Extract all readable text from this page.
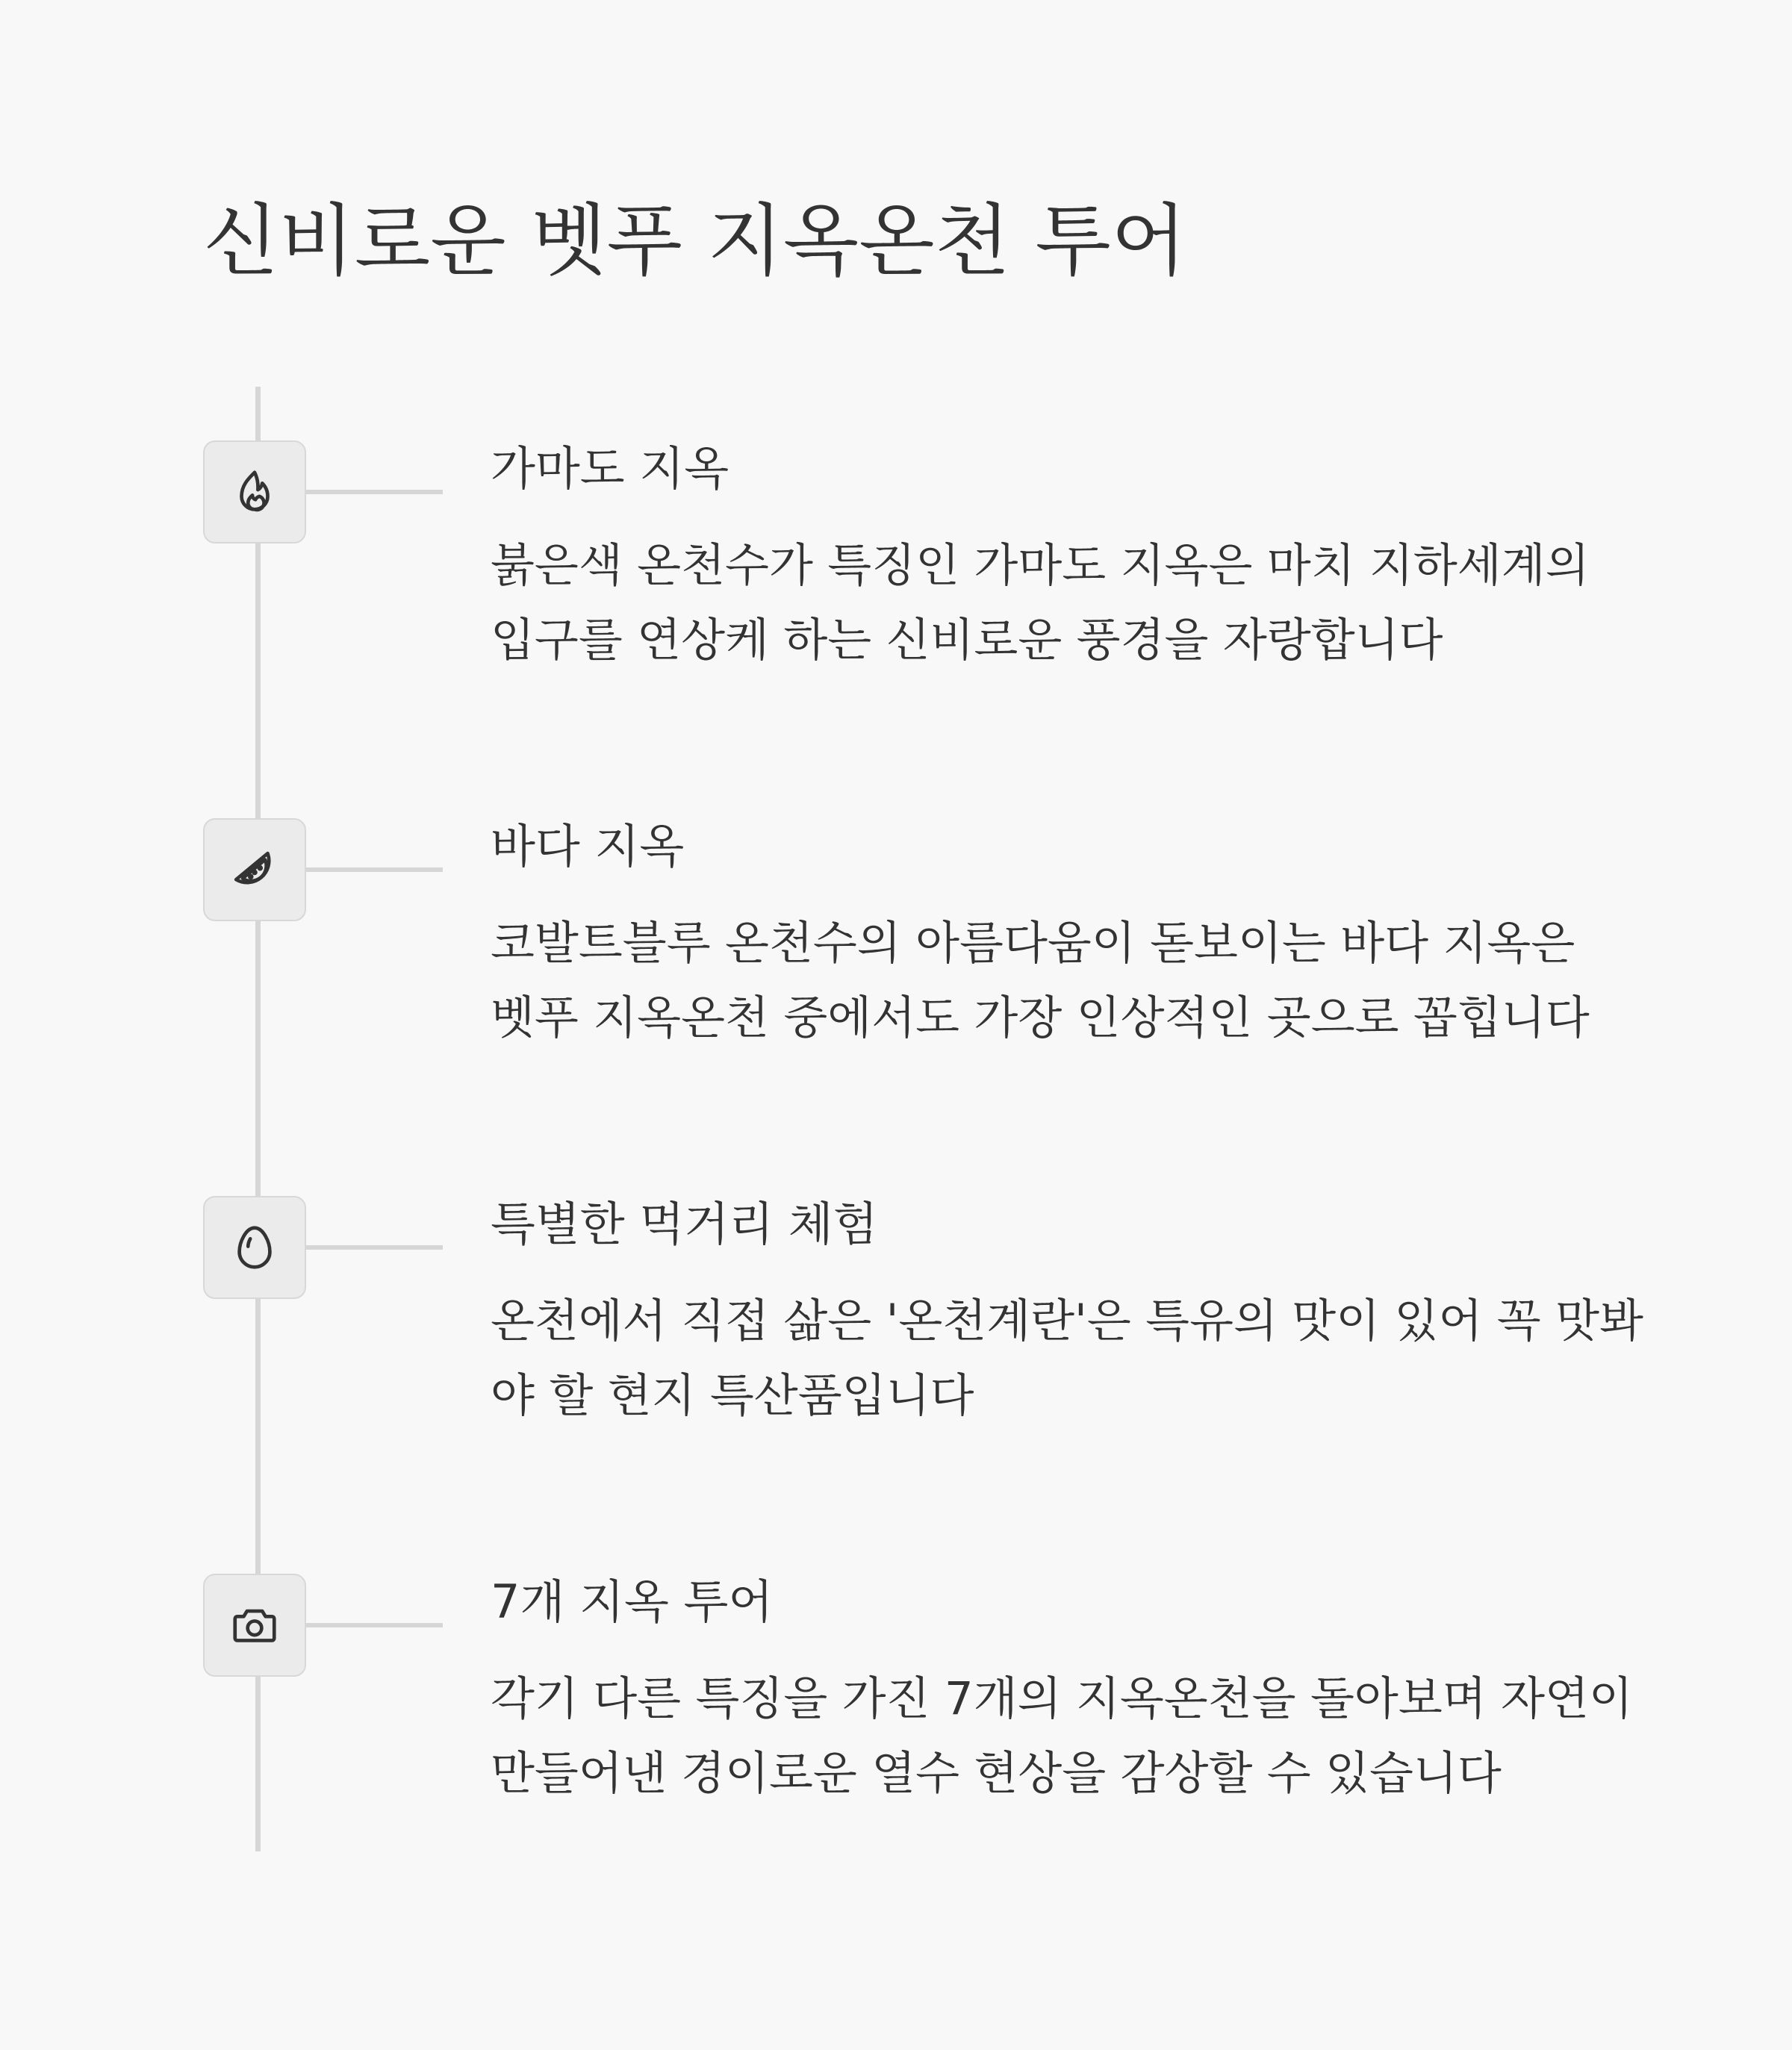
신비로운 벳푸 지옥온천 투어
가마도 지옥

붉은색 온천수가 특징인 가마도 지옥은 마치 지하세계의
입구를 연상케 하는 신비로운 풍경을 자랑합니다

바다 지옥

코발트블루 온천수의 아름다움이 돋보이는 바다 지옥은
벳푸 지옥온천 중에서도 가장 인상적인 곳으로 꼽힙니다

특별한 먹거리 체험

온천에서 직접 삶은 '온천계란'은 특유의 맛이 있어 꼭 맛봐
야 할 현지 특산품입니다

7개 지옥 투어

각기 다른 특징을 가진 7개의 지옥온천을 돌아보며 자연이
만들어낸 경이로운 열수 현상을 감상할 수 있습니다
